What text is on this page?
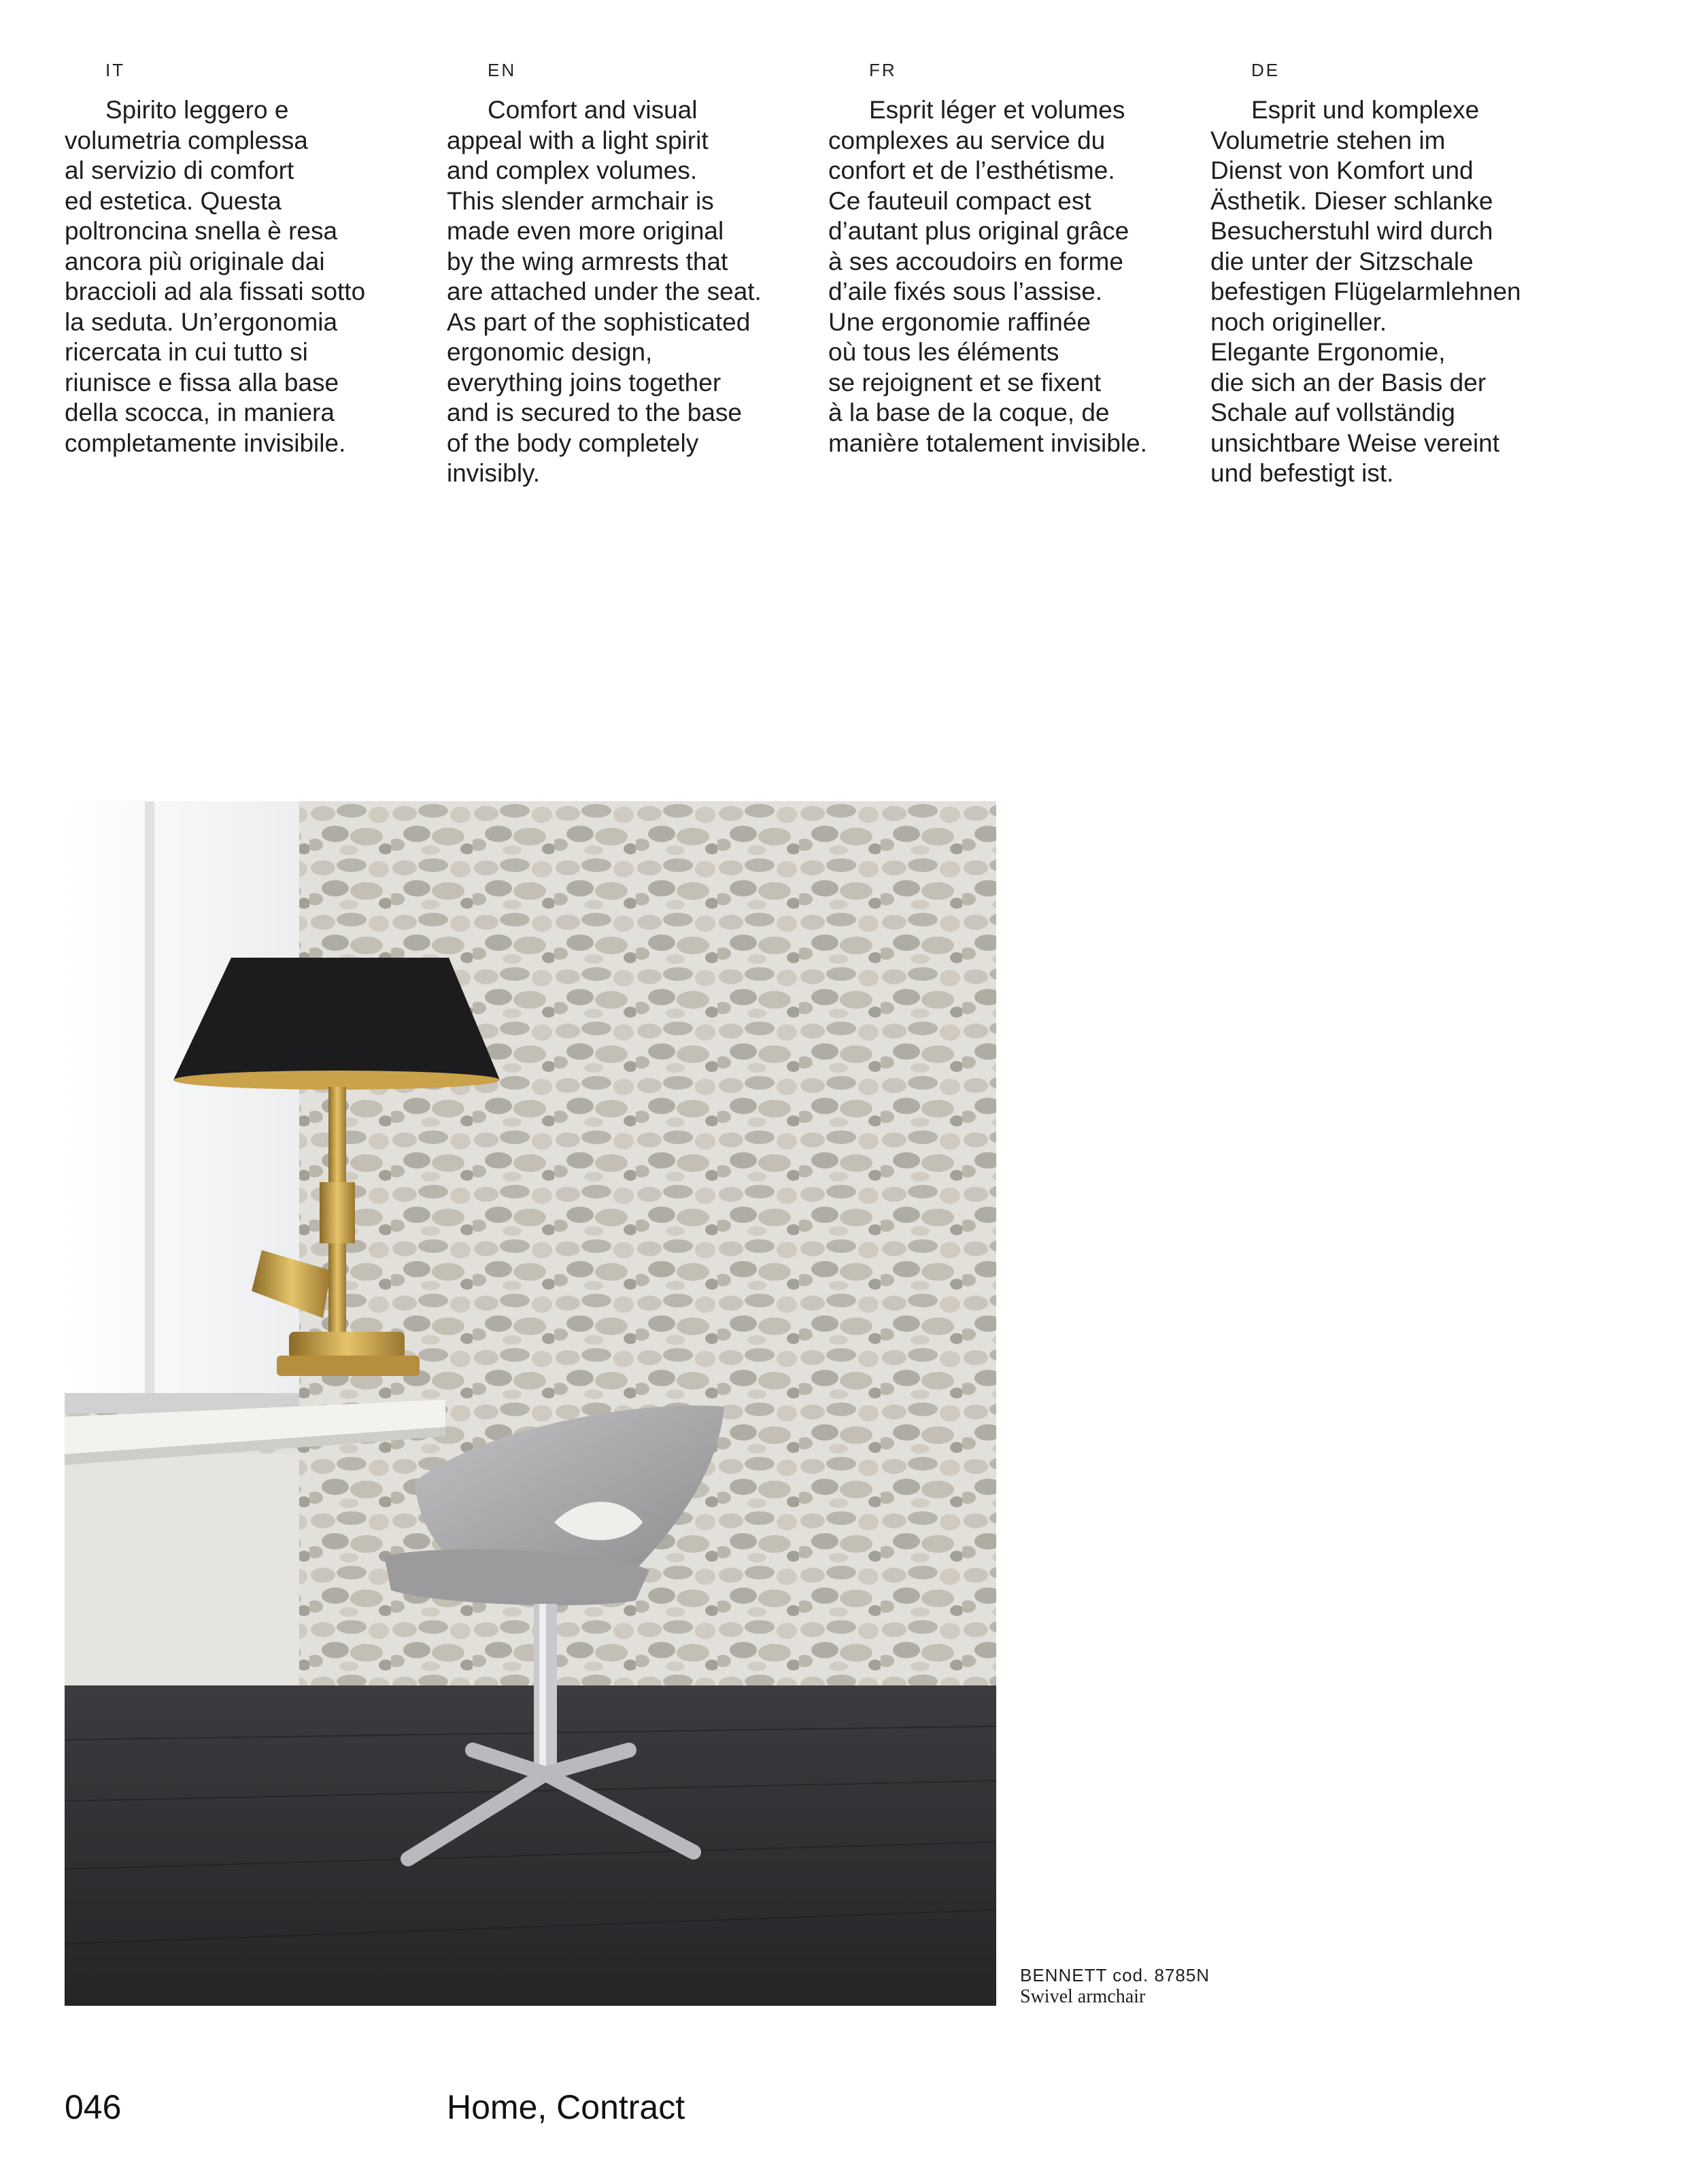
IT

Spirito leggero e
volumetria complessa
al servizio di comfort
ed estetica. Questa
poltroncina snella è resa
ancora più originale dai
braccioli ad ala fissati sotto
la seduta. Un’ergonomia
ricercata in cui tutto si
riunisce e fissa alla base
della scocca, in maniera
completamente invisibile.

EN

Comfort and visual
appeal with a light spirit
and complex volumes.
This slender armchair is
made even more original
by the wing armrests that
are attached under the seat.
As part of the sophisticated
ergonomic design,
everything joins together
and is secured to the base
of the body completely
invisibly.

FR

Esprit léger et volumes
complexes au service du
confort et de l’esthétisme.
Ce fauteuil compact est
d’autant plus original grâce
à ses accoudoirs en forme
d’aile fixés sous l’assise.
Une ergonomie raffinée
où tous les éléments
se rejoignent et se fixent
à la base de la coque, de
manière totalement invisible.

DE

Esprit und komplexe
Volumetrie stehen im
Dienst von Komfort und
Ästhetik. Dieser schlanke
Besucherstuhl wird durch
die unter der Sitzschale
befestigen Flügelarmlehnen
noch origineller.
Elegante Ergonomie,
die sich an der Basis der
Schale auf vollständig
unsichtbare Weise vereint
und befestigt ist.

BENNETT cod. 8785N
Swivel armchair
046	Home, Contract
